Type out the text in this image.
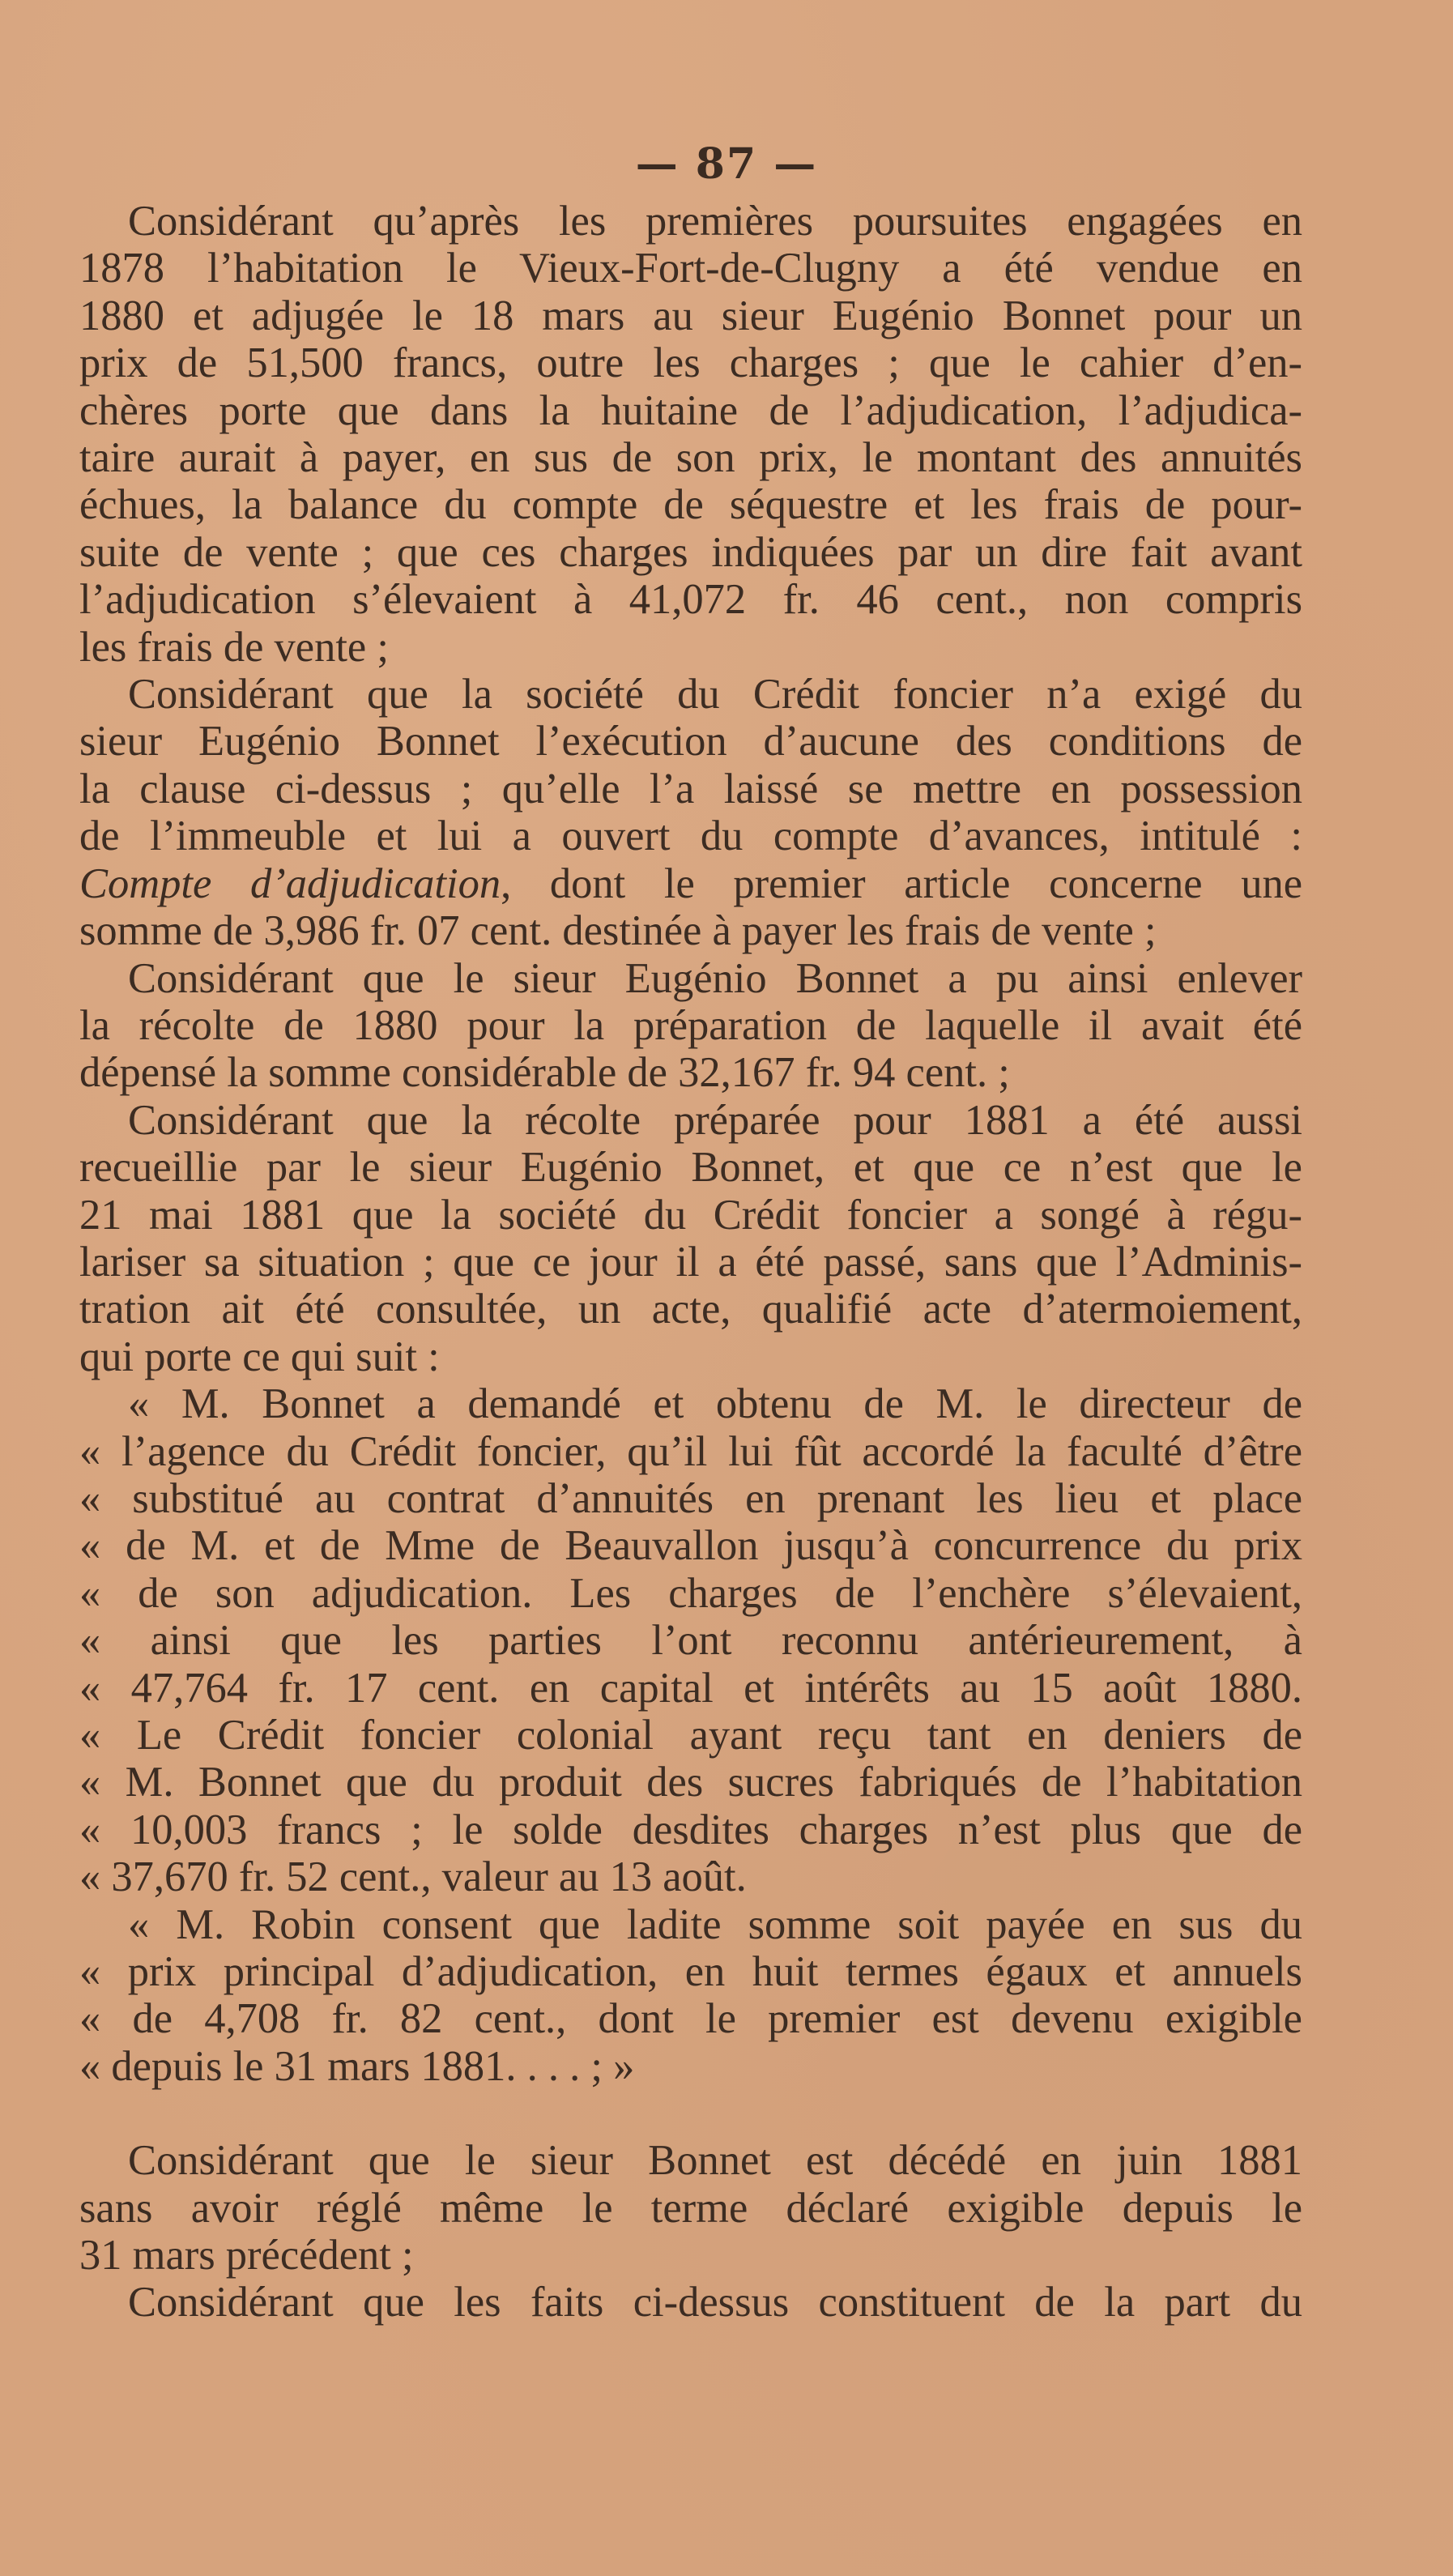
— 87 —
Considérant qu’après les premières poursuites engagées en
1878 l’habitation le Vieux-Fort-de-Clugny a été vendue en
1880 et adjugée le 18 mars au sieur Eugénio Bonnet pour un
prix de 51,500 francs, outre les charges ; que le cahier d’en-
chères porte que dans la huitaine de l’adjudication, l’adjudica-
taire aurait à payer, en sus de son prix, le montant des annuités
échues, la balance du compte de séquestre et les frais de pour-
suite de vente ; que ces charges indiquées par un dire fait avant
l’adjudication s’élevaient à 41,072 fr. 46 cent., non compris
les frais de vente ;
Considérant que la société du Crédit foncier n’a exigé du
sieur Eugénio Bonnet l’exécution d’aucune des conditions de
la clause ci-dessus ; qu’elle l’a laissé se mettre en possession
de l’immeuble et lui a ouvert du compte d’avances, intitulé :
Compte d’adjudication, dont le premier article concerne une
somme de 3,986 fr. 07 cent. destinée à payer les frais de vente ;
Considérant que le sieur Eugénio Bonnet a pu ainsi enlever
la récolte de 1880 pour la préparation de laquelle il avait été
dépensé la somme considérable de 32,167 fr. 94 cent. ;
Considérant que la récolte préparée pour 1881 a été aussi
recueillie par le sieur Eugénio Bonnet, et que ce n’est que le
21 mai 1881 que la société du Crédit foncier a songé à régu-
lariser sa situation ; que ce jour il a été passé, sans que l’Adminis-
tration ait été consultée, un acte, qualifié acte d’atermoiement,
qui porte ce qui suit :
« M. Bonnet a demandé et obtenu de M. le directeur de
« l’agence du Crédit foncier, qu’il lui fût accordé la faculté d’être
« substitué au contrat d’annuités en prenant les lieu et place
« de M. et de Mme de Beauvallon jusqu’à concurrence du prix
« de son adjudication. Les charges de l’enchère s’élevaient,
« ainsi que les parties l’ont reconnu antérieurement, à
« 47,764 fr. 17 cent. en capital et intérêts au 15 août 1880.
« Le Crédit foncier colonial ayant reçu tant en deniers de
« M. Bonnet que du produit des sucres fabriqués de l’habitation
« 10,003 francs ; le solde desdites charges n’est plus que de
« 37,670 fr. 52 cent., valeur au 13 août.
« M. Robin consent que ladite somme soit payée en sus du
« prix principal d’adjudication, en huit termes égaux et annuels
« de 4,708 fr. 82 cent., dont le premier est devenu exigible
« depuis le 31 mars 1881. . . . ; »
Considérant que le sieur Bonnet est décédé en juin 1881
sans avoir réglé même le terme déclaré exigible depuis le
31 mars précédent ;
Considérant que les faits ci-dessus constituent de la part du
